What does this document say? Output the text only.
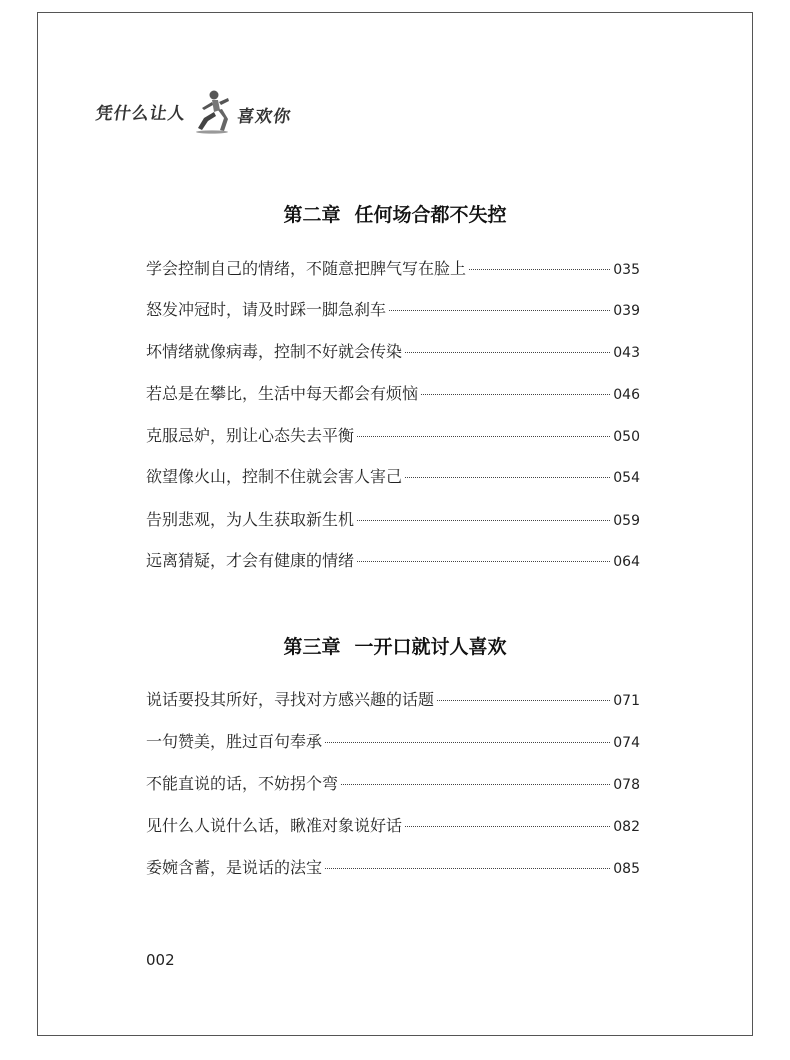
凭什么让人	喜欢你
第二章 任何场合都不失控
学会控制自己的情绪，不随意把脾气写在脸上	035
怒发冲冠时，请及时踩一脚急刹车	039
坏情绪就像病毒，控制不好就会传染	043
若总是在攀比，生活中每天都会有烦恼	046
克服忌妒，别让心态失去平衡	050
欲望像火山，控制不住就会害人害己	054
告别悲观，为人生获取新生机	059
远离猜疑，才会有健康的情绪	064
第三章 一开口就讨人喜欢
说话要投其所好，寻找对方感兴趣的话题	071
一句赞美，胜过百句奉承	074
不能直说的话，不妨拐个弯	078
见什么人说什么话，瞅准对象说好话	082
委婉含蓄，是说话的法宝	085
002
